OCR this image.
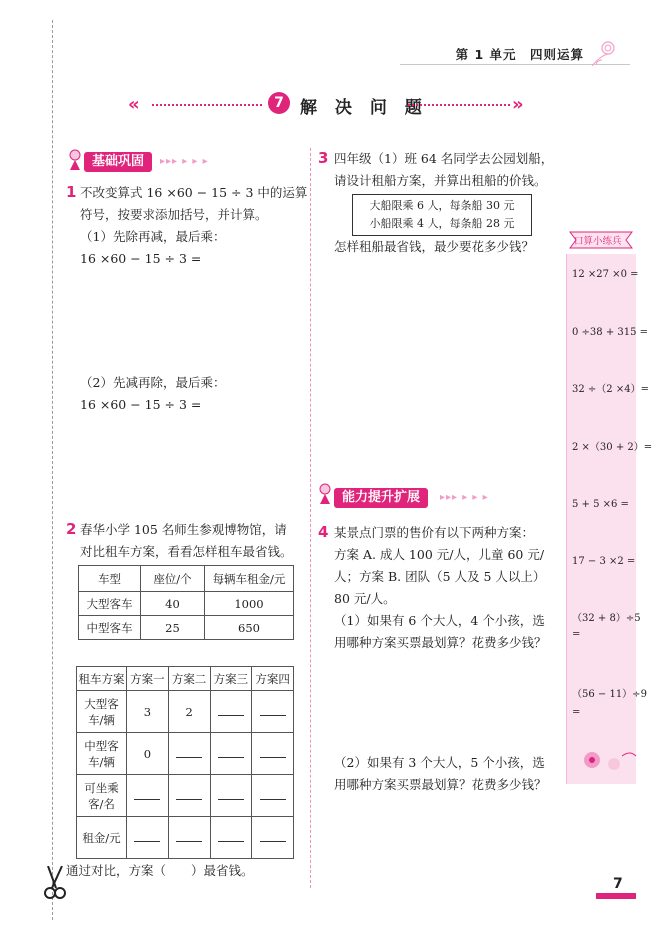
第 1 单元　四则运算
«	7 解 决 问 题	»
基础巩固	▸▸▸ ▸ ▸ ▸
1 不改变算式 16 ×60 − 15 ÷ 3 中的运算
符号，按要求添加括号，并计算。
（1）先除再减，最后乘：
16 ×60 − 15 ÷ 3 =
（2）先减再除，最后乘：
16 ×60 − 15 ÷ 3 =
2 春华小学 105 名师生参观博物馆，请
对比租车方案，看看怎样租车最省钱。
车型	座位/个	每辆车租金/元
大型客车	40	1000
中型客车	25	650
租车方案	方案一	方案二	方案三	方案四
大型客车/辆	3	2		
中型客车/辆	0			
可坐乘客/名				
租金/元				
通过对比，方案（　　）最省钱。
3 四年级（1）班 64 名同学去公园划船，
请设计租船方案，并算出租船的价钱。
大船限乘 6 人，每条船 30 元
小船限乘 4 人，每条船 28 元
怎样租船最省钱，最少要花多少钱？
能力提升扩展	▸▸▸ ▸ ▸ ▸
4 某景点门票的售价有以下两种方案：
方案 A. 成人 100 元/人，儿童 60 元/
人；方案 B. 团队（5 人及 5 人以上）
80 元/人。
（1）如果有 6 个大人，4 个小孩，选
用哪种方案买票最划算？花费多少钱？
（2）如果有 3 个大人，5 个小孩，选
用哪种方案买票最划算？花费多少钱？
口算小练兵
12 ×27 ×0 =
0 ÷38 + 315 =
32 ÷（2 ×4）=
2 ×（30 + 2）=
5 + 5 ×6 =
17 − 3 ×2 =
（32 + 8）÷5
=
（56 − 11）÷9
=
7
